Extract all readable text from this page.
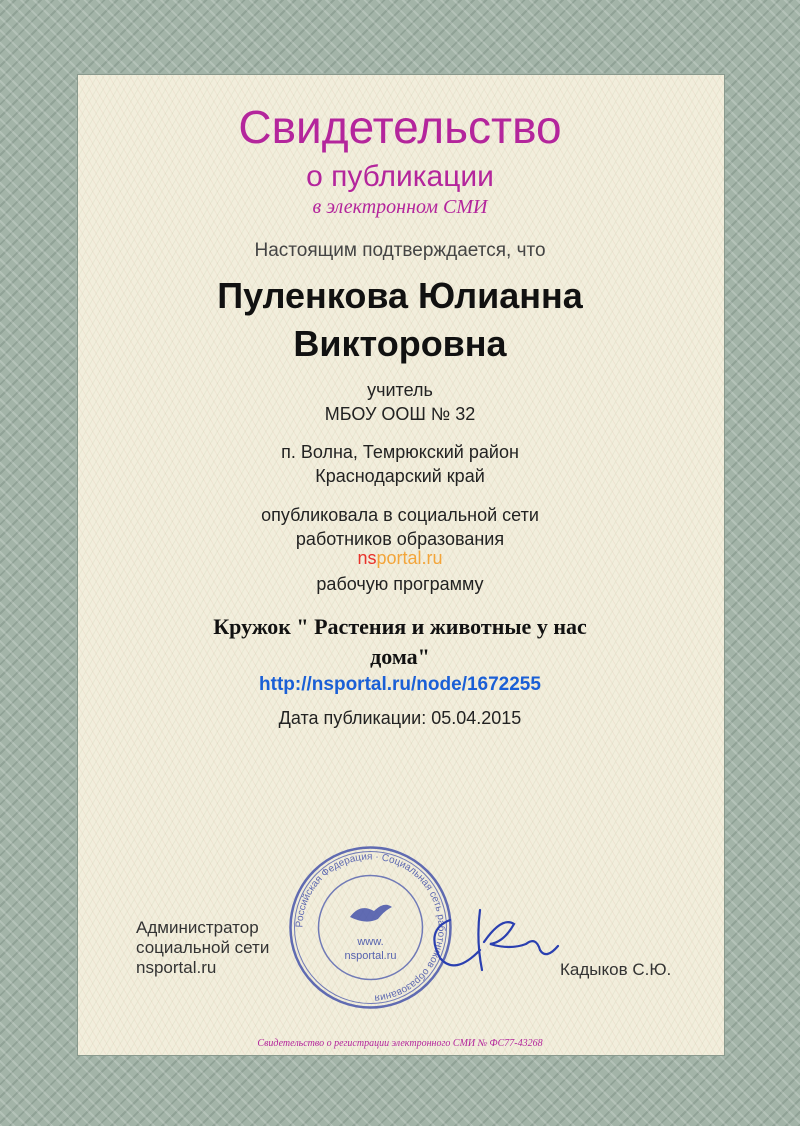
Свидетельство
о публикации
в электронном СМИ
Настоящим подтверждается, что
Пуленкова Юлианна
Викторовна
учитель
МБОУ ООШ № 32
п. Волна, Темрюкский район
Краснодарский край
опубликовала в социальной сети
работников образования
nsportal.ru
рабочую программу
Кружок " Растения и животные у нас
дома"
http://nsportal.ru/node/1672255
Дата публикации: 05.04.2015
Администратор
социальной сети
nsportal.ru
Российская Федерация · Социальная сеть работников образования
www.
nsportal.ru
Кадыков С.Ю.
Свидетельство о регистрации электронного СМИ № ФС77-43268
